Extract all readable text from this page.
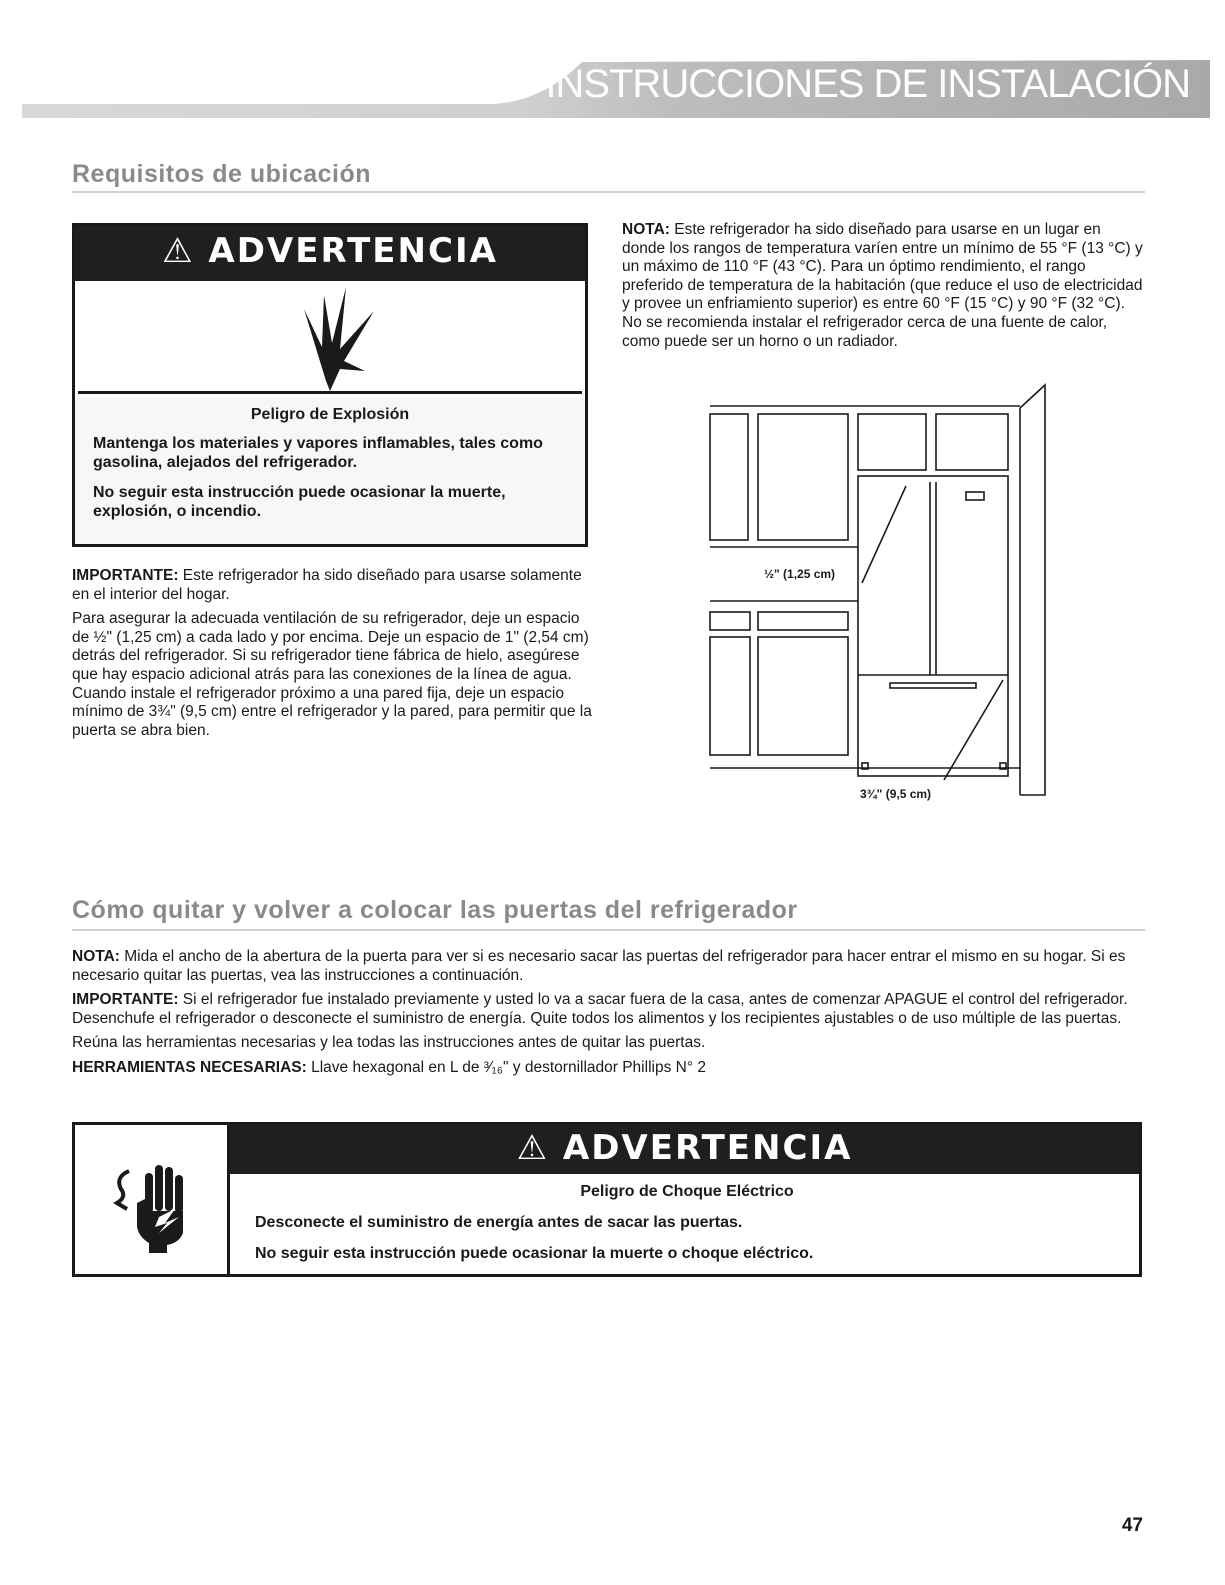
INSTRUCCIONES DE INSTALACIÓN
Requisitos de ubicación
⚠ ADVERTENCIA

Peligro de Explosión

Mantenga los materiales y vapores inflamables, tales como gasolina, alejados del refrigerador.

No seguir esta instrucción puede ocasionar la muerte, explosión, o incendio.

IMPORTANTE: Este refrigerador ha sido diseñado para usarse solamente en el interior del hogar.

Para asegurar la adecuada ventilación de su refrigerador, deje un espacio de ½" (1,25 cm) a cada lado y por encima. Deje un espacio de 1" (2,54 cm) detrás del refrigerador. Si su refrigerador tiene fábrica de hielo, asegúrese que hay espacio adicional atrás para las conexiones de la línea de agua. Cuando instale el refrigerador próximo a una pared fija, deje un espacio mínimo de 3¾" (9,5 cm) entre el refrigerador y la pared, para permitir que la puerta se abra bien.

NOTA: Este refrigerador ha sido diseñado para usarse en un lugar en donde los rangos de temperatura varíen entre un mínimo de 55 °F (13 °C) y un máximo de 110 °F (43 °C). Para un óptimo rendimiento, el rango preferido de temperatura de la habitación (que reduce el uso de electricidad y provee un enfriamiento superior) es entre 60 °F (15 °C) y 90 °F (32 °C). No se recomienda instalar el refrigerador cerca de una fuente de calor, como puede ser un horno o un radiador.

½" (1,25 cm)
3¾" (9,5 cm)
Cómo quitar y volver a colocar las puertas del refrigerador

NOTA: Mida el ancho de la abertura de la puerta para ver si es necesario sacar las puertas del refrigerador para hacer entrar el mismo en su hogar. Si es necesario quitar las puertas, vea las instrucciones a continuación.

IMPORTANTE: Si el refrigerador fue instalado previamente y usted lo va a sacar fuera de la casa, antes de comenzar APAGUE el control del refrigerador. Desenchufe el refrigerador o desconecte el suministro de energía. Quite todos los alimentos y los recipientes ajustables o de uso múltiple de las puertas.

Reúna las herramientas necesarias y lea todas las instrucciones antes de quitar las puertas.

HERRAMIENTAS NECESARIAS: Llave hexagonal en L de ³⁄₁₆" y destornillador Phillips N° 2

⚠ ADVERTENCIA

Peligro de Choque Eléctrico

Desconecte el suministro de energía antes de sacar las puertas.

No seguir esta instrucción puede ocasionar la muerte o choque eléctrico.

47
